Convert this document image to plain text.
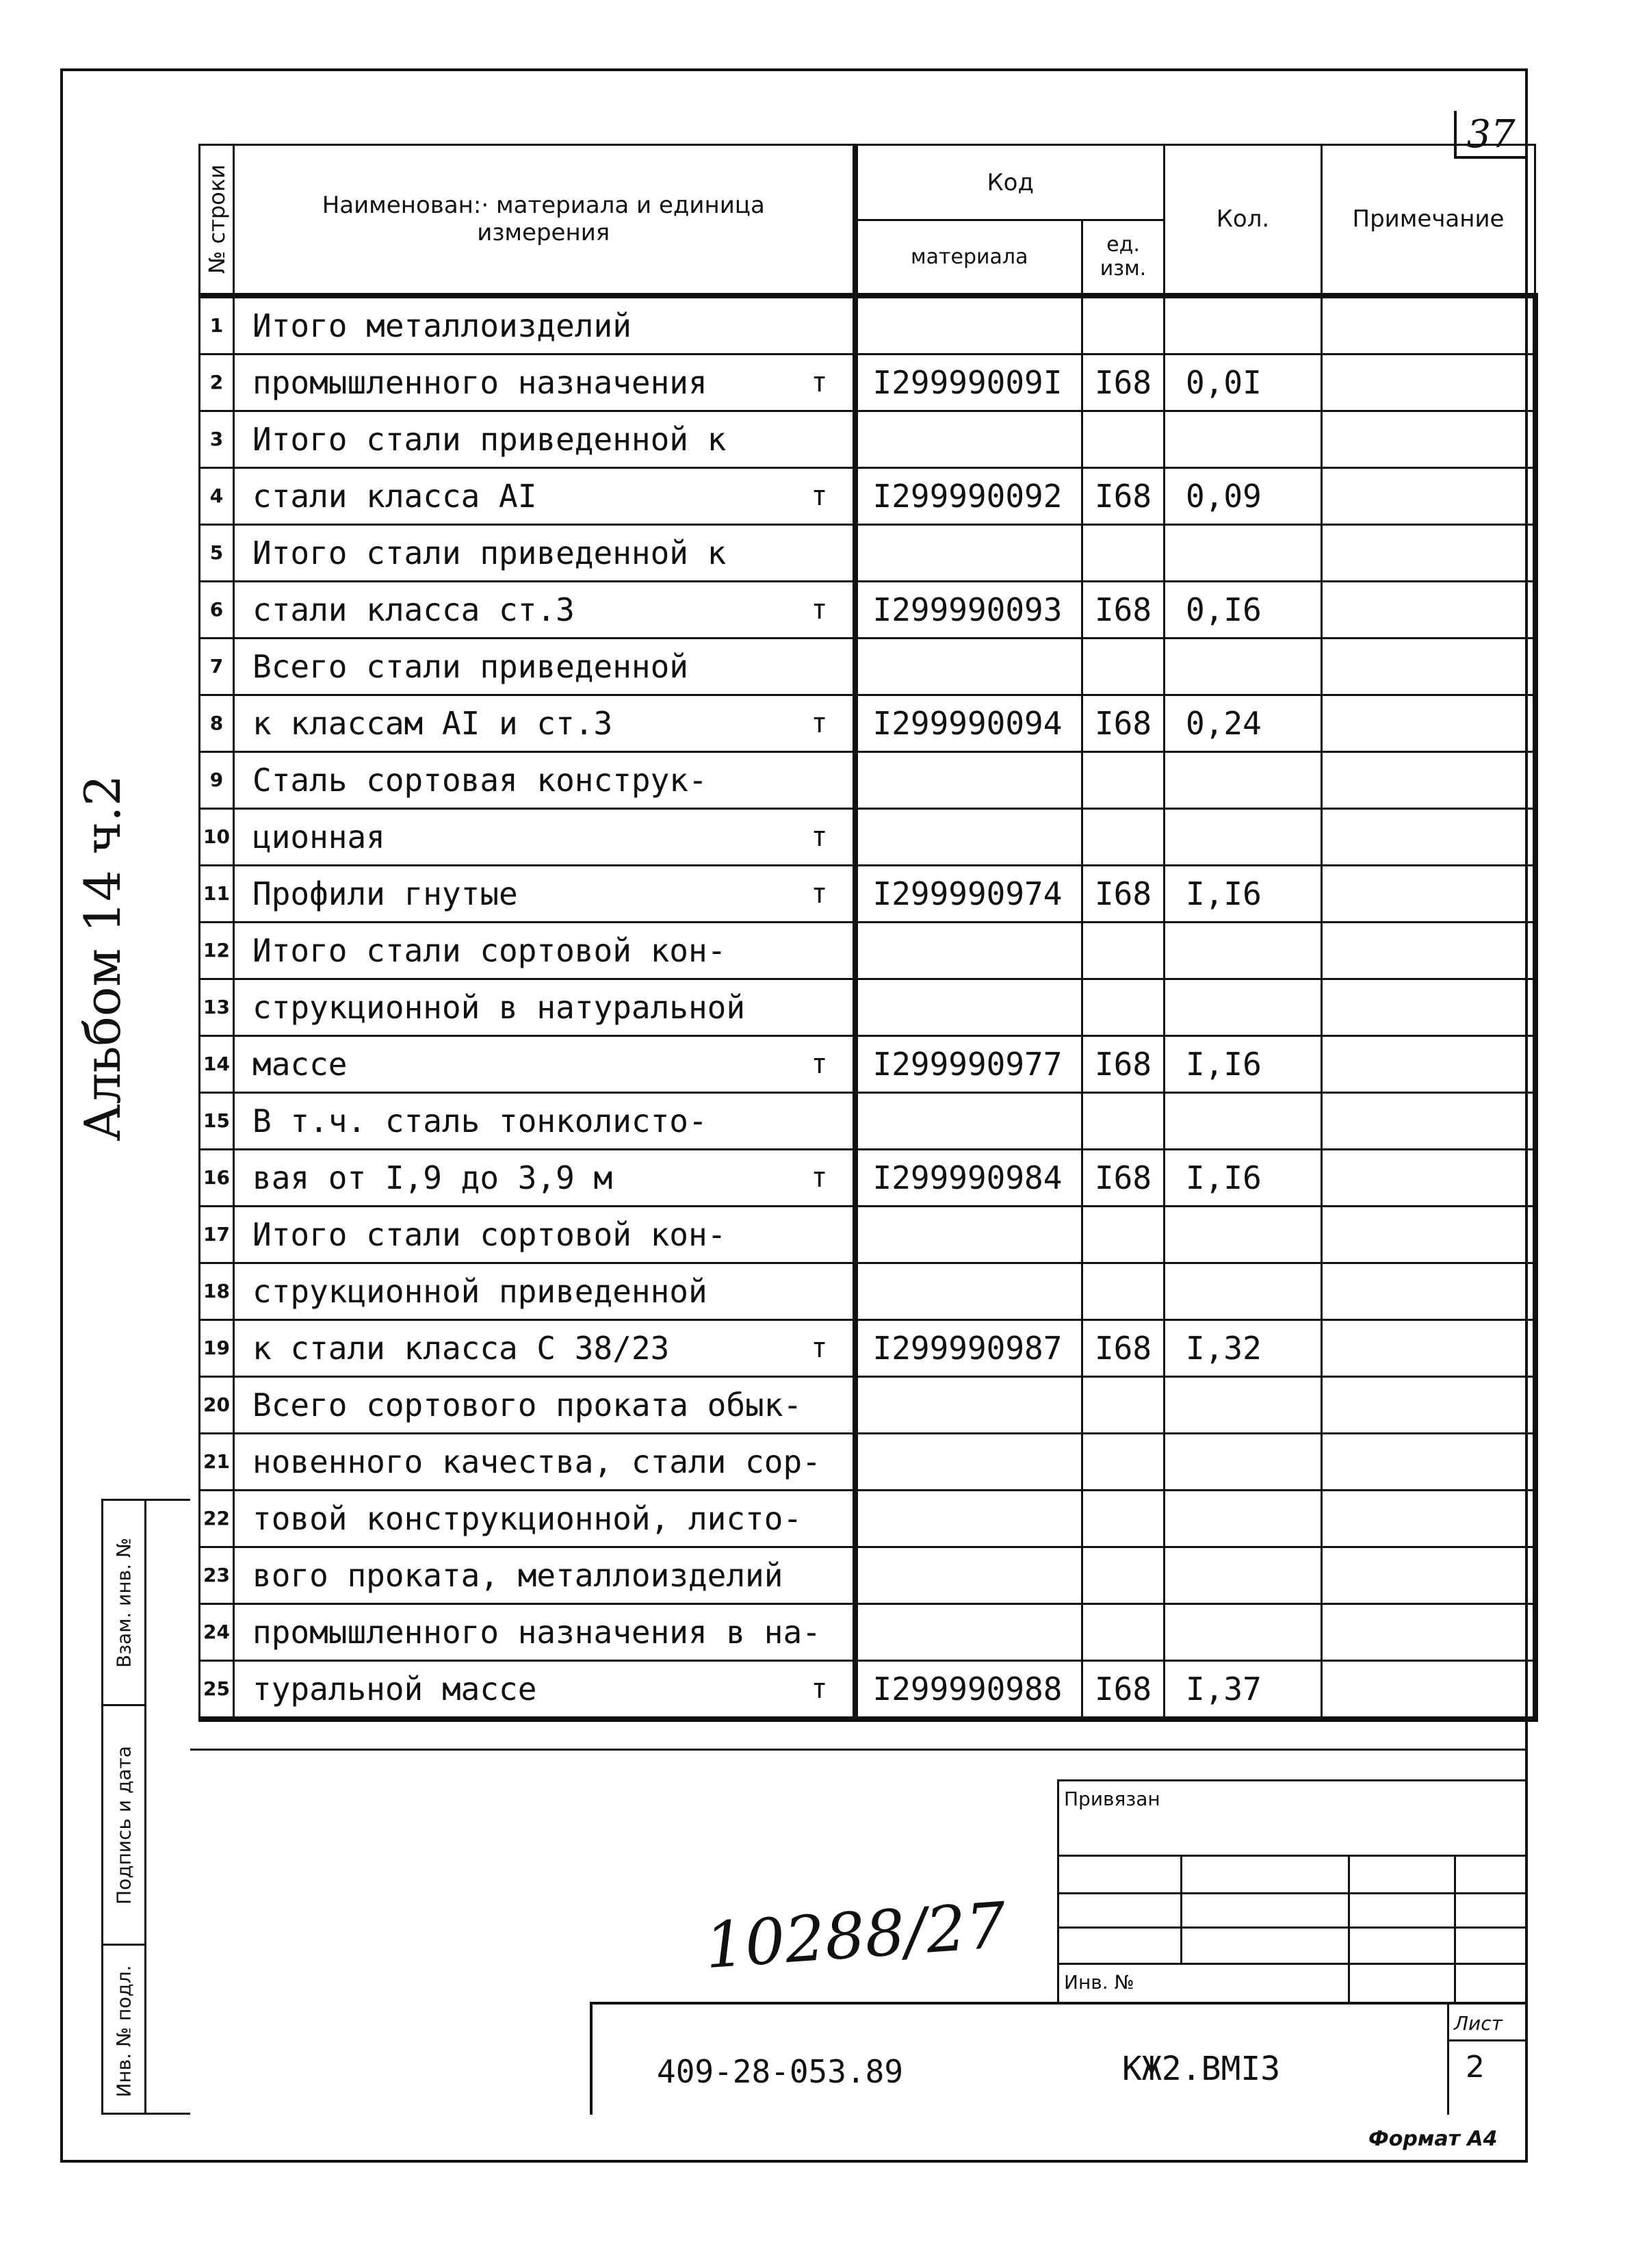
37
№ строки	Наименован:· материала и единица измерения	Код		Кол.	Примечание
		материала	ед. изм.		
1	Итого металлоизделий

2	промышленного назначения т	I29999009I	I68	0,0I	
3	Итого стали приведенной к

4	стали класса AI т	I299990092	I68	0,09	
5	Итого стали приведенной к

6	стали класса ст.3 т	I299990093	I68	0,I6	
7	Всего стали приведенной

8	к классам AI и ст.3 т	I299990094	I68	0,24	
9	Сталь сортовая конструк-

10	ционная т				

11	Профили гнутые т	I299990974	I68	I,I6	
12	Итого стали сортовой кон-

13	струкционной в натуральной

14	массе т	I299990977	I68	I,I6	
15	В т.ч. сталь тонколисто-

16	вая от I,9 до 3,9 м т	I299990984	I68	I,I6	
17	Итого стали сортовой кон-

18	струкционной приведенной

19	к стали класса С 38/23 т	I299990987	I68	I,32	
20	Всего сортового проката обык-

21	новенного качества, стали сор-

22	товой конструкционной, листо-

23	вого проката, металлоизделий

24	промышленного назначения в на-

25	туральной массе т	I299990988	I68	I,37	
Альбом 14 ч.2
Взам. инв. №
Подпись и дата
Инв. № подл.
10288/27
Привязан
Инв. №
409-28-053.89	КЖ2.ВМI3
Лист
2
Формат А4
